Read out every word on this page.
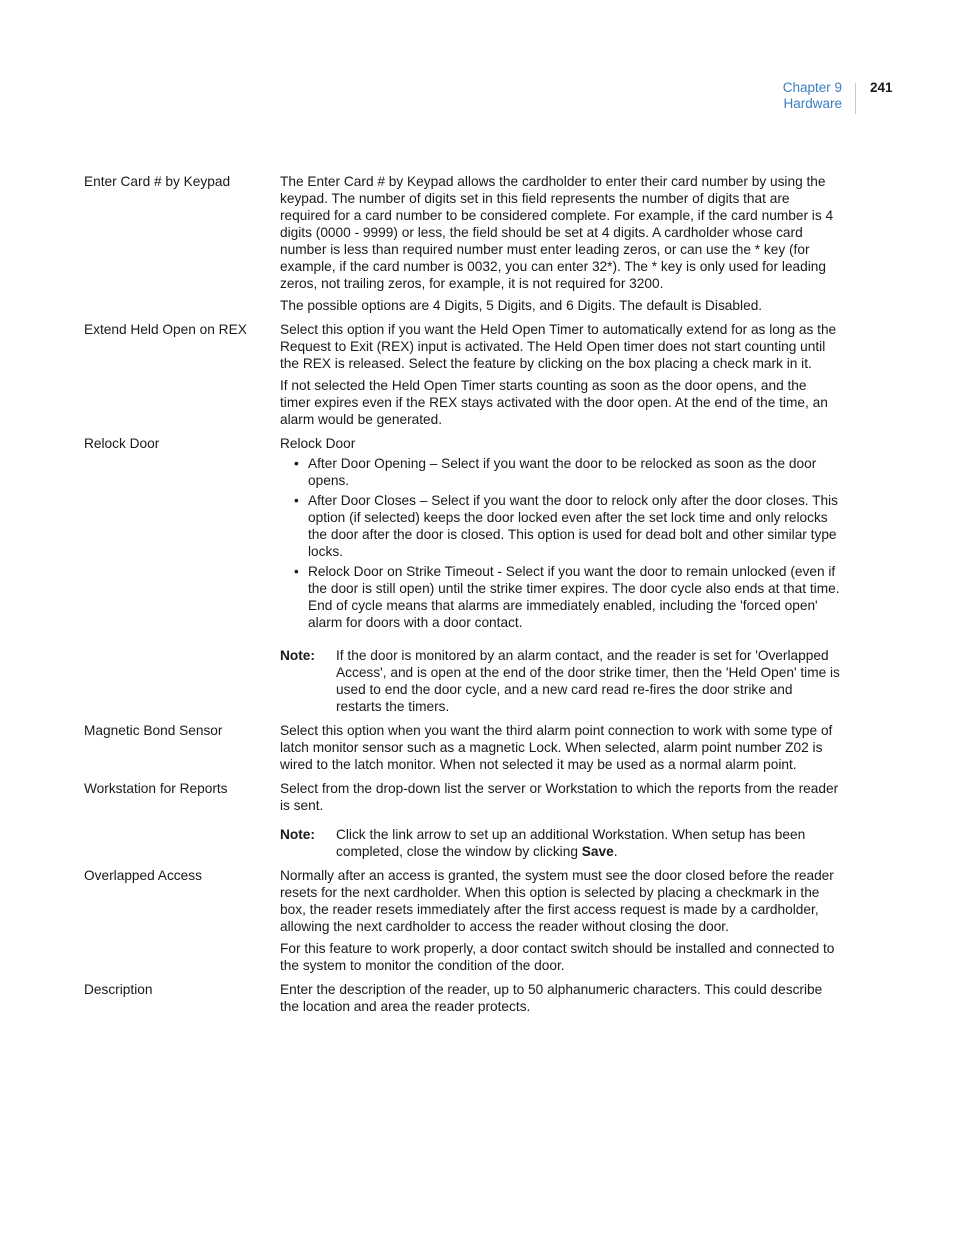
Chapter 9
Hardware
241
Enter Card # by Keypad	The Enter Card # by Keypad allows the cardholder to enter their card number by using the keypad. The number of digits set in this field represents the number of digits that are required for a card number to be considered complete. For example, if the card number is 4 digits (0000 - 9999) or less, the field should be set at 4 digits. A cardholder whose card number is less than required number must enter leading zeros, or can use the * key (for example, if the card number is 0032, you can enter 32*). The * key is only used for leading zeros, not trailing zeros, for example, it is not required for 3200.

The possible options are 4 Digits, 5 Digits, and 6 Digits. The default is Disabled.

Extend Held Open on REX	Select this option if you want the Held Open Timer to automatically extend for as long as the Request to Exit (REX) input is activated. The Held Open timer does not start counting until the REX is released. Select the feature by clicking on the box placing a check mark in it.

If not selected the Held Open Timer starts counting as soon as the door opens, and the timer expires even if the REX stays activated with the door open. At the end of the time, an alarm would be generated.

Relock Door	Relock Door

• After Door Opening – Select if you want the door to be relocked as soon as the door opens.
• After Door Closes – Select if you want the door to relock only after the door closes. This option (if selected) keeps the door locked even after the set lock time and only relocks the door after the door is closed. This option is used for dead bolt and other similar type locks.
• Relock Door on Strike Timeout - Select if you want the door to remain unlocked (even if the door is still open) until the strike timer expires. The door cycle also ends at that time. End of cycle means that alarms are immediately enabled, including the 'forced open' alarm for doors with a door contact.
Note:	If the door is monitored by an alarm contact, and the reader is set for 'Overlapped Access', and is open at the end of the door strike timer, then the 'Held Open' time is used to end the door cycle, and a new card read re-fires the door strike and restarts the timers.
Magnetic Bond Sensor	Select this option when you want the third alarm point connection to work with some type of latch monitor sensor such as a magnetic Lock. When selected, alarm point number Z02 is wired to the latch monitor. When not selected it may be used as a normal alarm point.

Workstation for Reports	Select from the drop-down list the server or Workstation to which the reports from the reader is sent.

Note:	Click the link arrow to set up an additional Workstation. When setup has been completed, close the window by clicking Save.
Overlapped Access	Normally after an access is granted, the system must see the door closed before the reader resets for the next cardholder. When this option is selected by placing a checkmark in the box, the reader resets immediately after the first access request is made by a cardholder, allowing the next cardholder to access the reader without closing the door.

For this feature to work properly, a door contact switch should be installed and connected to the system to monitor the condition of the door.

Description	Enter the description of the reader, up to 50 alphanumeric characters. This could describe the location and area the reader protects.
